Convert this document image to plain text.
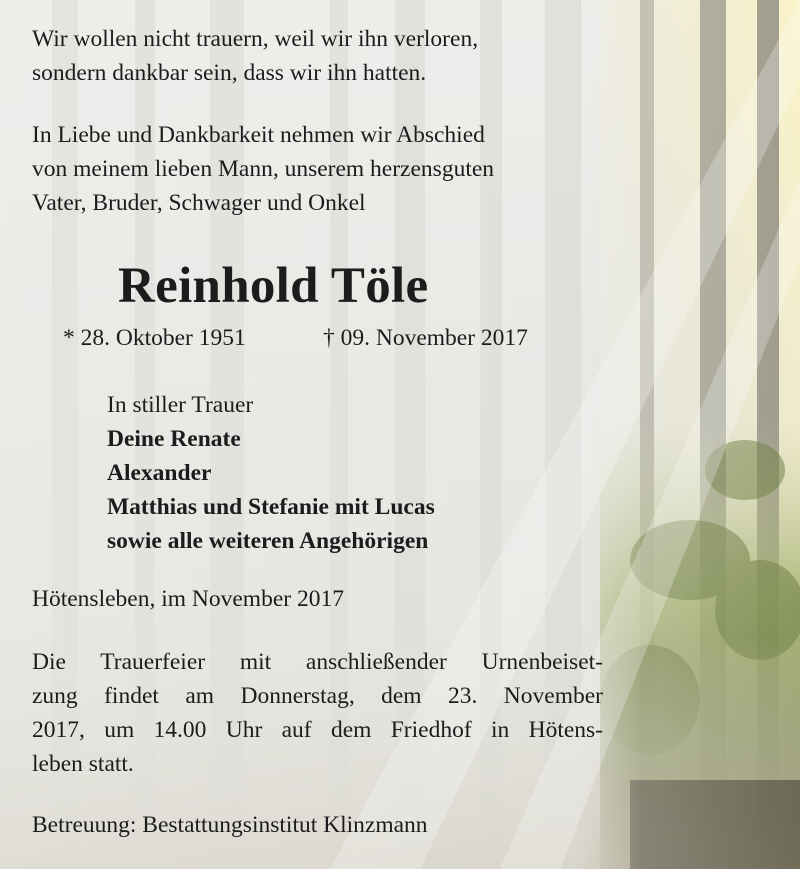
Wir wollen nicht trauern, weil wir ihn verloren,
sondern dankbar sein, dass wir ihn hatten.
In Liebe und Dankbarkeit nehmen wir Abschied
von meinem lieben Mann, unserem herzensguten
Vater, Bruder, Schwager und Onkel
Reinhold Töle
* 28. Oktober 1951	† 09. November 2017
In stiller Trauer
Deine Renate
Alexander
Matthias und Stefanie mit Lucas
sowie alle weiteren Angehörigen
Hötensleben, im November 2017
Die Trauerfeier mit anschließender Urnenbeiset-
zung findet am Donnerstag, dem 23. November
2017, um 14.00 Uhr auf dem Friedhof in Hötens-
leben statt.
Betreuung: Bestattungsinstitut Klinzmann
